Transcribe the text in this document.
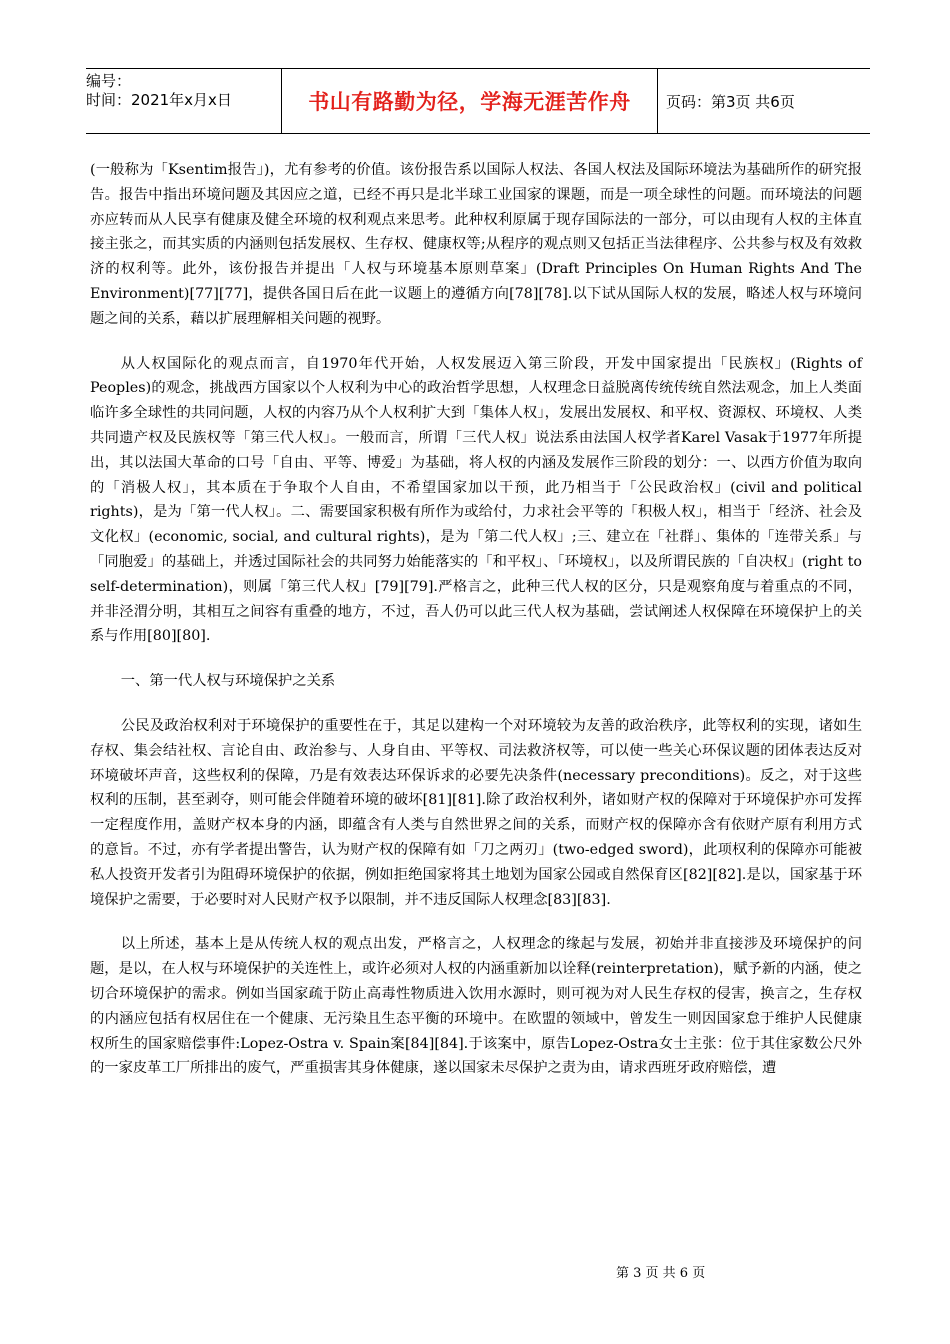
编号：
时间：2021年x月x日	书山有路勤为径，学海无涯苦作舟	页码：第3页 共6页

(一般称为「Ksentim报告」)，尤有参考的价值。该份报告系以国际人权法、各国人权法及国际环境法为基础所作的研究报告。报告中指出环境问题及其因应之道，已经不再只是北半球工业国家的课题，而是一项全球性的问题。而环境法的问题亦应转而从人民享有健康及健全环境的权利观点来思考。此种权利原属于现存国际法的一部分，可以由现有人权的主体直接主张之，而其实质的内涵则包括发展权、生存权、健康权等;从程序的观点则又包括正当法律程序、公共参与权及有效救济的权利等。此外，该份报告并提出「人权与环境基本原则草案」(Draft Principles On Human Rights And The Environment)[77][77]，提供各国日后在此一议题上的遵循方向[78][78].以下试从国际人权的发展，略述人权与环境问题之间的关系，藉以扩展理解相关问题的视野。

从人权国际化的观点而言，自1970年代开始，人权发展迈入第三阶段，开发中国家提出「民族权」(Rights of Peoples)的观念，挑战西方国家以个人权利为中心的政治哲学思想，人权理念日益脱离传统传统自然法观念，加上人类面临许多全球性的共同问题，人权的内容乃从个人权利扩大到「集体人权」，发展出发展权、和平权、资源权、环境权、人类共同遗产权及民族权等「第三代人权」。一般而言，所谓「三代人权」说法系由法国人权学者Karel Vasak于1977年所提出，其以法国大革命的口号「自由、平等、博爱」为基础，将人权的内涵及发展作三阶段的划分：一、以西方价值为取向的「消极人权」，其本质在于争取个人自由，不希望国家加以干预，此乃相当于「公民政治权」(civil and political rights)，是为「第一代人权」。二、需要国家积极有所作为或给付，力求社会平等的「积极人权」，相当于「经济、社会及文化权」(economic, social, and cultural rights)，是为「第二代人权」;三、建立在「社群」、集体的「连带关系」与「同胞爱」的基础上，并透过国际社会的共同努力始能落实的「和平权」、「环境权」，以及所谓民族的「自决权」(right to self-determination)，则属「第三代人权」[79][79].严格言之，此种三代人权的区分，只是观察角度与着重点的不同，并非泾渭分明，其相互之间容有重叠的地方，不过，吾人仍可以此三代人权为基础，尝试阐述人权保障在环境保护上的关系与作用[80][80].

一、第一代人权与环境保护之关系

公民及政治权利对于环境保护的重要性在于，其足以建构一个对环境较为友善的政治秩序，此等权利的实现，诸如生存权、集会结社权、言论自由、政治参与、人身自由、平等权、司法救济权等，可以使一些关心环保议题的团体表达反对环境破坏声音，这些权利的保障，乃是有效表达环保诉求的必要先决条件(necessary preconditions)。反之，对于这些权利的压制，甚至剥夺，则可能会伴随着环境的破坏[81][81].除了政治权利外，诸如财产权的保障对于环境保护亦可发挥一定程度作用，盖财产权本身的内涵，即蕴含有人类与自然世界之间的关系，而财产权的保障亦含有依财产原有利用方式的意旨。不过，亦有学者提出警告，认为财产权的保障有如「刀之两刃」(two-edged sword)，此项权利的保障亦可能被私人投资开发者引为阻碍环境保护的依据，例如拒绝国家将其土地划为国家公园或自然保育区[82][82].是以，国家基于环境保护之需要，于必要时对人民财产权予以限制，并不违反国际人权理念[83][83].

以上所述，基本上是从传统人权的观点出发，严格言之，人权理念的缘起与发展，初始并非直接涉及环境保护的问题，是以，在人权与环境保护的关连性上，或许必须对人权的内涵重新加以诠释(reinterpretation)，赋予新的内涵，使之切合环境保护的需求。例如当国家疏于防止高毒性物质进入饮用水源时，则可视为对人民生存权的侵害，换言之，生存权的内涵应包括有权居住在一个健康、无污染且生态平衡的环境中。在欧盟的领域中，曾发生一则因国家怠于维护人民健康权所生的国家赔偿事件:Lopez-Ostra v. Spain案[84][84].于该案中，原告Lopez-Ostra女士主张：位于其住家数公尺外的一家皮革工厂所排出的废气，严重损害其身体健康，遂以国家未尽保护之责为由，请求西班牙政府赔偿，遭

第 3 页 共 6 页
